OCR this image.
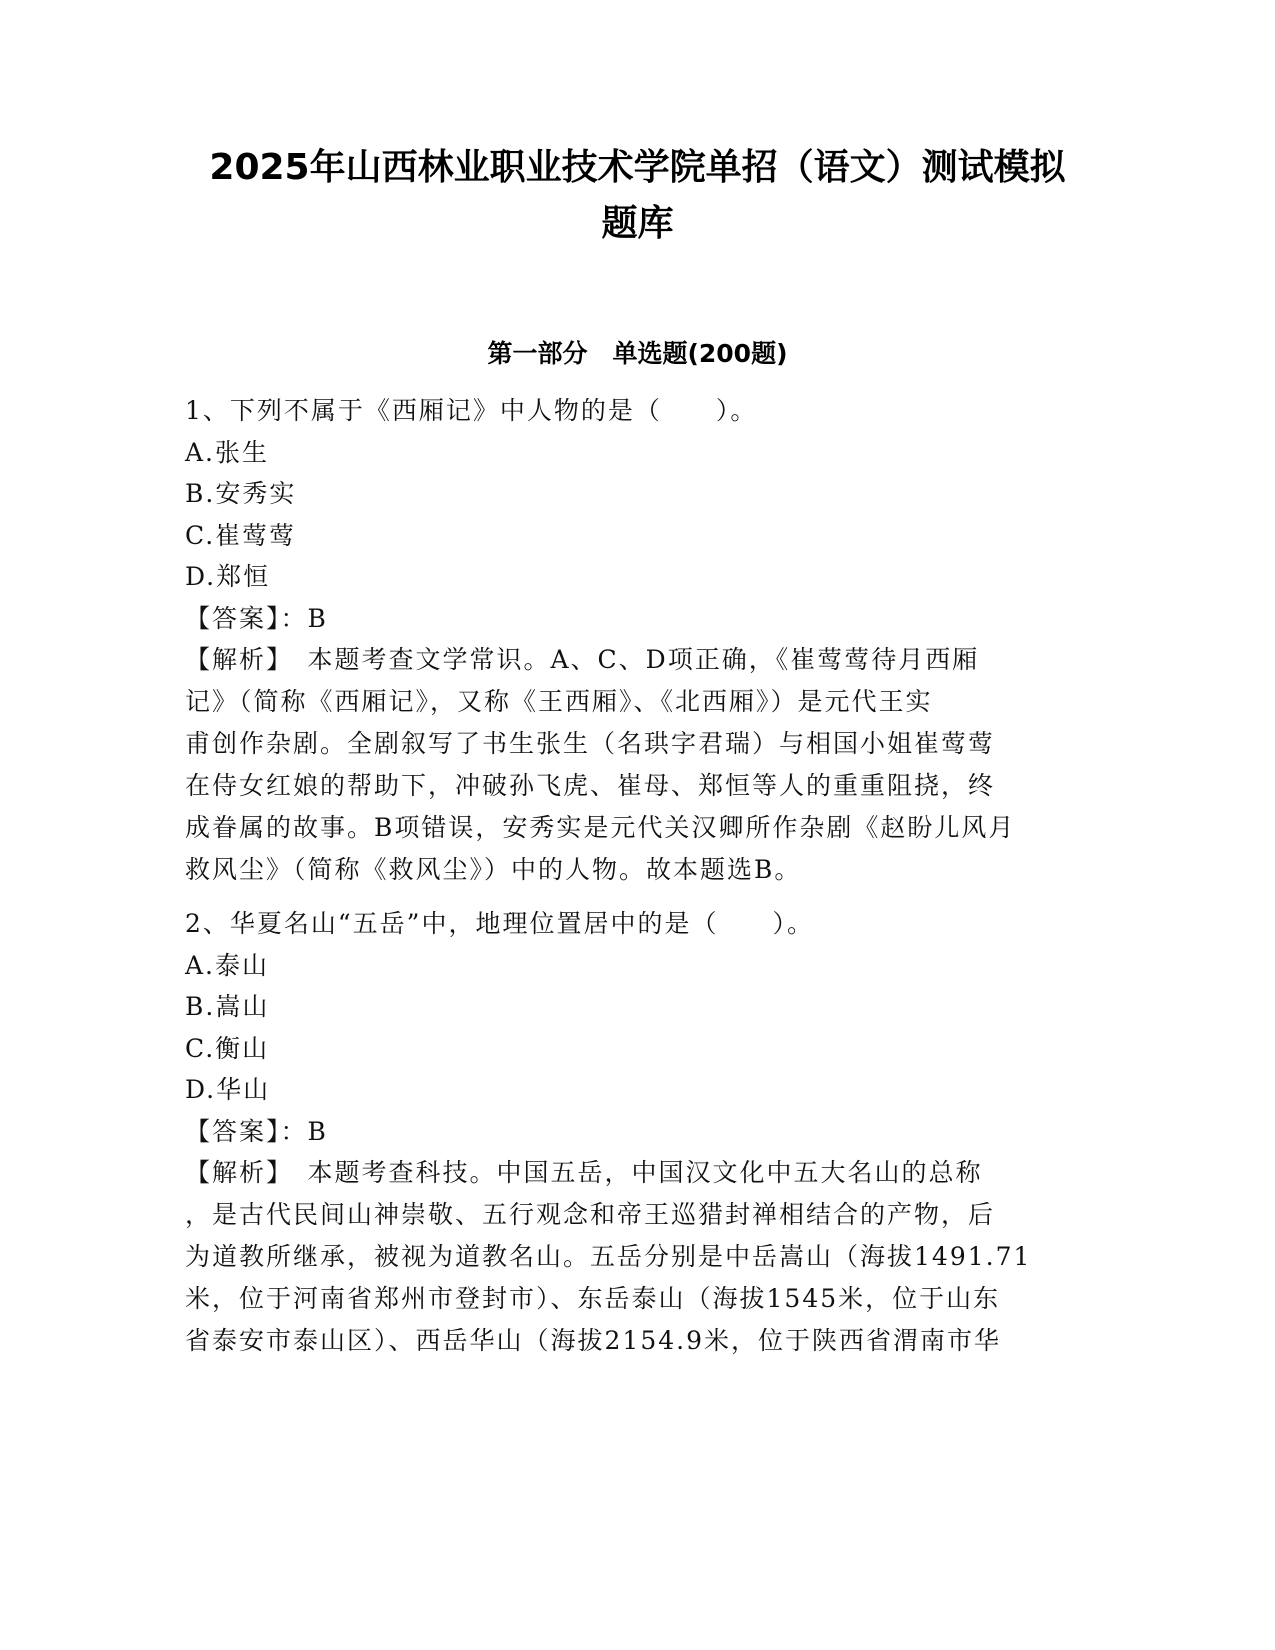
2025年山西林业职业技术学院单招（语文）测试模拟
题库
第一部分　单选题(200题)
1、下列不属于《西厢记》中人物的是（　　）。
A.张生
B.安秀实
C.崔莺莺
D.郑恒
【答案】：B
【解析】　本题考查文学常识。A、C、D项正确，《崔莺莺待月西厢
记》（简称《西厢记》，又称《王西厢》、《北西厢》）是元代王实
甫创作杂剧。全剧叙写了书生张生（名珙字君瑞）与相国小姐崔莺莺
在侍女红娘的帮助下，冲破孙飞虎、崔母、郑恒等人的重重阻挠，终
成眷属的故事。B项错误，安秀实是元代关汉卿所作杂剧《赵盼儿风月
救风尘》（简称《救风尘》）中的人物。故本题选B。
2、华夏名山“五岳”中，地理位置居中的是（　　）。
A.泰山
B.嵩山
C.衡山
D.华山
【答案】：B
【解析】　本题考查科技。中国五岳，中国汉文化中五大名山的总称
，是古代民间山神崇敬、五行观念和帝王巡猎封禅相结合的产物，后
为道教所继承，被视为道教名山。五岳分别是中岳嵩山（海拔1491.71
米，位于河南省郑州市登封市）、东岳泰山（海拔1545米，位于山东
省泰安市泰山区）、西岳华山（海拔2154.9米，位于陕西省渭南市华
